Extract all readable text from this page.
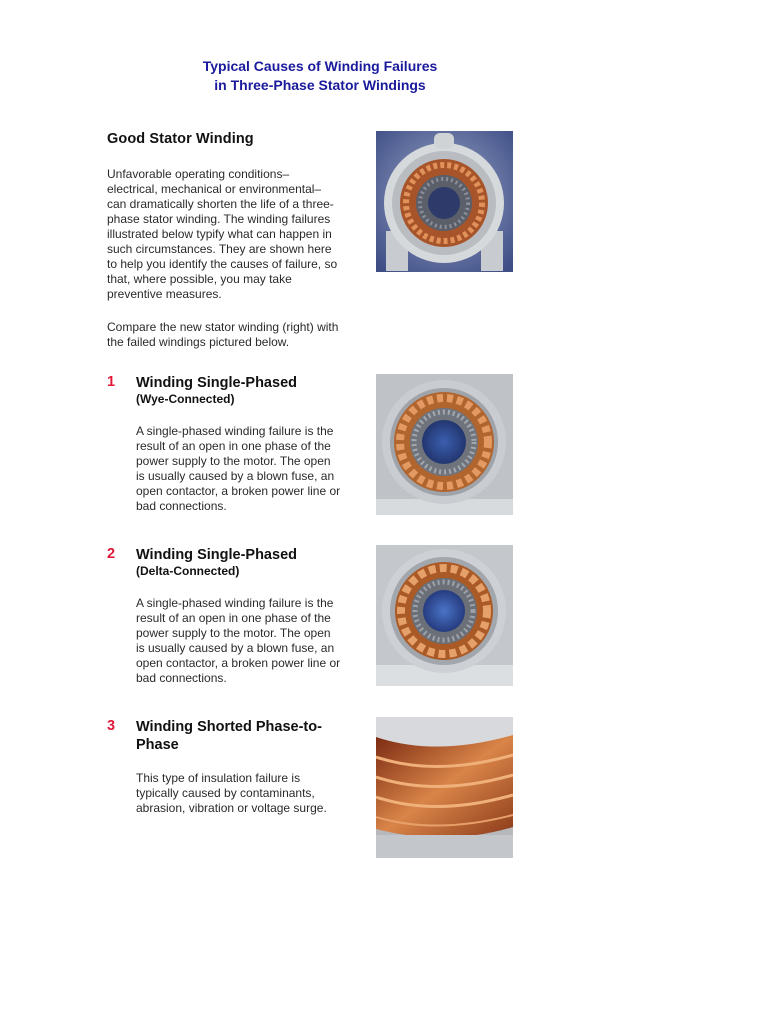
Typical Causes of Winding Failures
in Three-Phase Stator Windings
Good Stator Winding
Unfavorable operating conditions–
electrical, mechanical or environmental–
can dramatically shorten the life of a three-
phase stator winding. The winding failures
illustrated below typify what can happen in
such circumstances. They are shown here
to help you identify the causes of failure, so
that, where possible, you may take
preventive measures.
Compare the new stator winding (right) with
the failed windings pictured below.
1 Winding Single-Phased
(Wye-Connected)
A single-phased winding failure is the
result of an open in one phase of the
power supply to the motor. The open
is usually caused by a blown fuse, an
open contactor, a broken power line or
bad connections.
2 Winding Single-Phased
(Delta-Connected)
A single-phased winding failure is the
result of an open in one phase of the
power supply to the motor. The open
is usually caused by a blown fuse, an
open contactor, a broken power line or
bad connections.
3 Winding Shorted Phase-to-
Phase
This type of insulation failure is
typically caused by contaminants,
abrasion, vibration or voltage surge.
